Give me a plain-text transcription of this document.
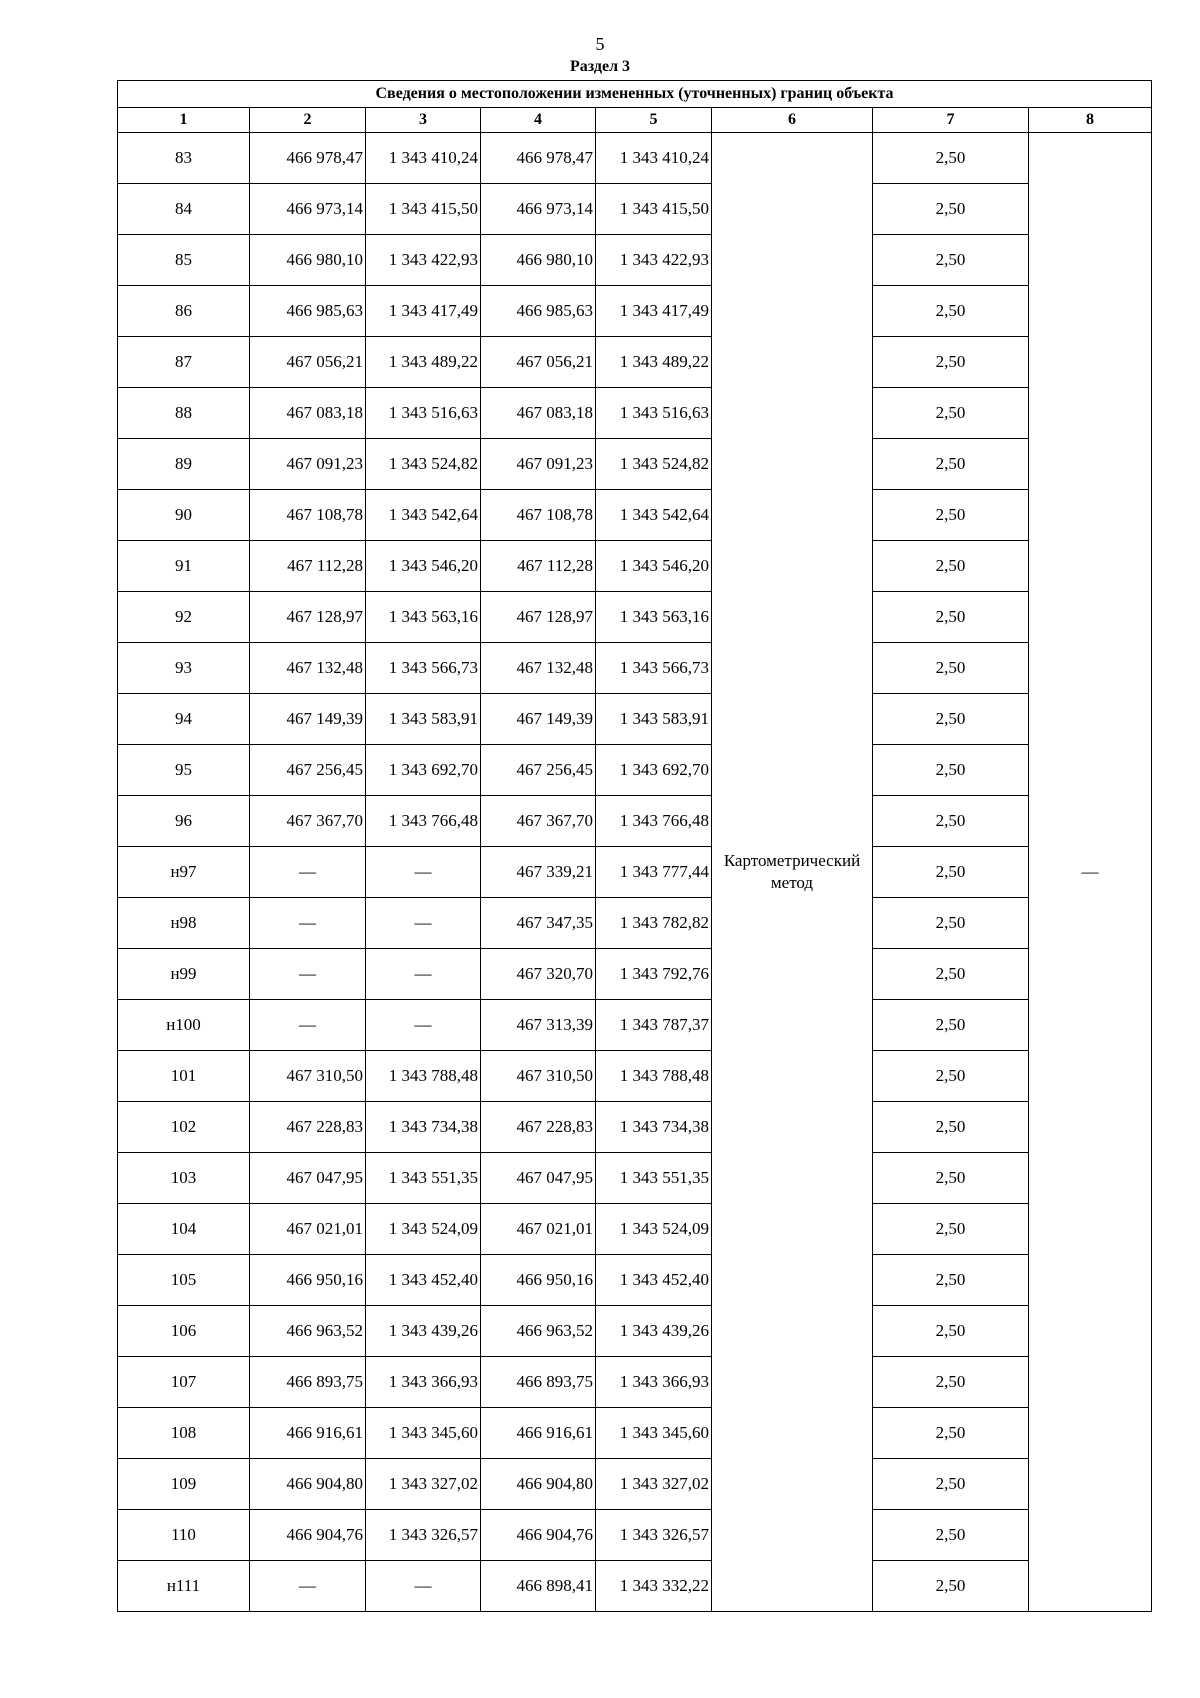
5
Раздел 3
Сведения о местоположении измененных (уточненных) границ объекта							
1	2	3	4	5	6	7	8
83	466 978,47	1 343 410,24	466 978,47	1 343 410,24	Картометрический метод	2,50	—
84	466 973,14	1 343 415,50	466 973,14	1 343 415,50		2,50	
85	466 980,10	1 343 422,93	466 980,10	1 343 422,93		2,50	
86	466 985,63	1 343 417,49	466 985,63	1 343 417,49		2,50	
87	467 056,21	1 343 489,22	467 056,21	1 343 489,22		2,50	
88	467 083,18	1 343 516,63	467 083,18	1 343 516,63		2,50	
89	467 091,23	1 343 524,82	467 091,23	1 343 524,82		2,50	
90	467 108,78	1 343 542,64	467 108,78	1 343 542,64		2,50	
91	467 112,28	1 343 546,20	467 112,28	1 343 546,20		2,50	
92	467 128,97	1 343 563,16	467 128,97	1 343 563,16		2,50	
93	467 132,48	1 343 566,73	467 132,48	1 343 566,73		2,50	
94	467 149,39	1 343 583,91	467 149,39	1 343 583,91		2,50	
95	467 256,45	1 343 692,70	467 256,45	1 343 692,70		2,50	
96	467 367,70	1 343 766,48	467 367,70	1 343 766,48		2,50	
н97	—	—	467 339,21	1 343 777,44		2,50	
н98	—	—	467 347,35	1 343 782,82		2,50	
н99	—	—	467 320,70	1 343 792,76		2,50	
н100	—	—	467 313,39	1 343 787,37		2,50	
101	467 310,50	1 343 788,48	467 310,50	1 343 788,48		2,50	
102	467 228,83	1 343 734,38	467 228,83	1 343 734,38		2,50	
103	467 047,95	1 343 551,35	467 047,95	1 343 551,35		2,50	
104	467 021,01	1 343 524,09	467 021,01	1 343 524,09		2,50	
105	466 950,16	1 343 452,40	466 950,16	1 343 452,40		2,50	
106	466 963,52	1 343 439,26	466 963,52	1 343 439,26		2,50	
107	466 893,75	1 343 366,93	466 893,75	1 343 366,93		2,50	
108	466 916,61	1 343 345,60	466 916,61	1 343 345,60		2,50	
109	466 904,80	1 343 327,02	466 904,80	1 343 327,02		2,50	
110	466 904,76	1 343 326,57	466 904,76	1 343 326,57		2,50	
н111	—	—	466 898,41	1 343 332,22		2,50	
